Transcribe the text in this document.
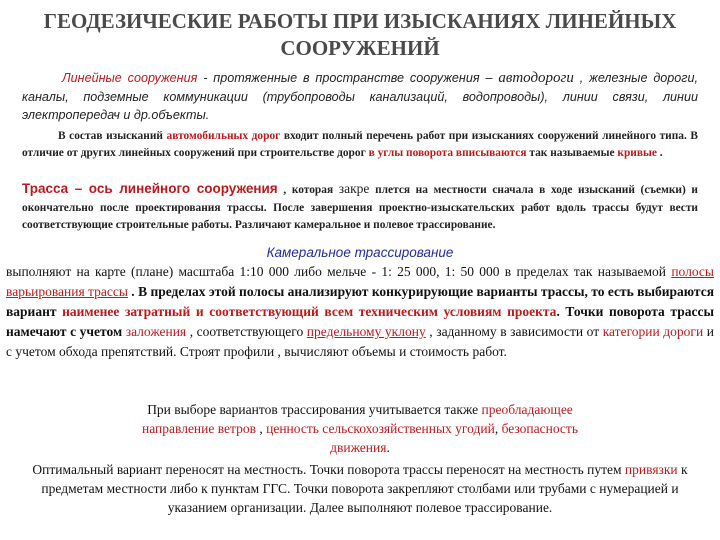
ГЕОДЕЗИЧЕСКИЕ РАБОТЫ ПРИ ИЗЫСКАНИЯХ ЛИНЕЙНЫХ СООРУЖЕНИЙ
Линейные сооружения - протяженные в пространстве сооружения – автодороги , железные дороги, каналы, подземные коммуникации (трубопроводы канализаций, водопроводы), линии связи, линии электропередач и др.объекты.
В состав изысканий автомобильных дорог входит полный перечень работ при изысканиях сооружений линейного типа. В отличие от других линейных сооружений при строительстве дорог в углы поворота вписываются так называемые кривые .
Трасса – ось линейного сооружения , которая закре плется на местности сначала в ходе изысканий (съемки) и окончательно после проектирования трассы. После завершения проектно-изыскательских работ вдоль трассы будут вести соответствующие строительные работы. Различают камеральное и полевое трассирование.
Камеральное трассирование
выполняют на карте (плане) масштаба 1:10 000 либо мельче - 1: 25 000, 1: 50 000 в пределах так называемой полосы варьирования трассы . В пределах этой полосы анализируют конкурирующие варианты трассы, то есть выбираются вариант наименее затратный и соответствующий всем техническим условиям проекта. Точки поворота трассы намечают с учетом заложения , соответствующего предельному уклону , заданному в зависимости от категории дороги и с учетом обхода препятствий. Строят профили , вычисляют объемы и стоимость работ.
При выборе вариантов трассирования учитывается также преобладающее направление ветров , ценность сельскохозяйственных угодий, безопасность движения.
Оптимальный вариант переносят на местность. Точки поворота трассы переносят на местность путем привязки к предметам местности либо к пунктам ГГС. Точки поворота закрепляют столбами или трубами с нумерацией и указанием организации. Далее выполняют полевое трассирование.
